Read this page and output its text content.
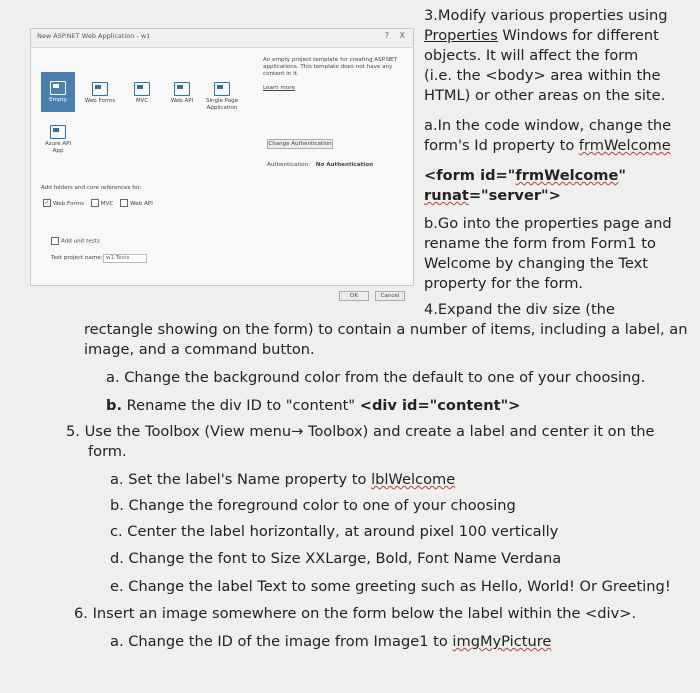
New ASP.NET Web Application - w1	? X
Empty	Web Forms	MVC	Web API	Single Page Application
Azure API App
An empty project template for creating ASP.NET applications. This template does not have any content in it.
Learn more
Change Authentication
Authentication: No Authentication
Add folders and core references for:
✓ Web Forms	MVC	Web API
Add unit tests
Test project name: w1.Tests
OK	Cancel
3.Modify various properties using
Properties Windows for different
objects. It will affect the form
(i.e. the <body> area within the
HTML) or other areas on the site.
a.In the code window, change the
form's Id property to frmWelcome
<form id="frmWelcome"
runat="server">
b.Go into the properties page and
rename the form from Form1 to
Welcome by changing the Text
property for the form.
4.Expand the div size (the
rectangle showing on the form) to contain a number of items, including a label, an
image, and a command button.
a. Change the background color from the default to one of your choosing.
b. Rename the div ID to "content" <div id="content">
5. Use the Toolbox (View menu→ Toolbox) and create a label and center it on the
form.
a. Set the label's Name property to lblWelcome
b. Change the foreground color to one of your choosing
c. Center the label horizontally, at around pixel 100 vertically
d. Change the font to Size XXLarge, Bold, Font Name Verdana
e. Change the label Text to some greeting such as Hello, World! Or Greeting!
6. Insert an image somewhere on the form below the label within the <div>.
a. Change the ID of the image from Image1 to imgMyPicture
